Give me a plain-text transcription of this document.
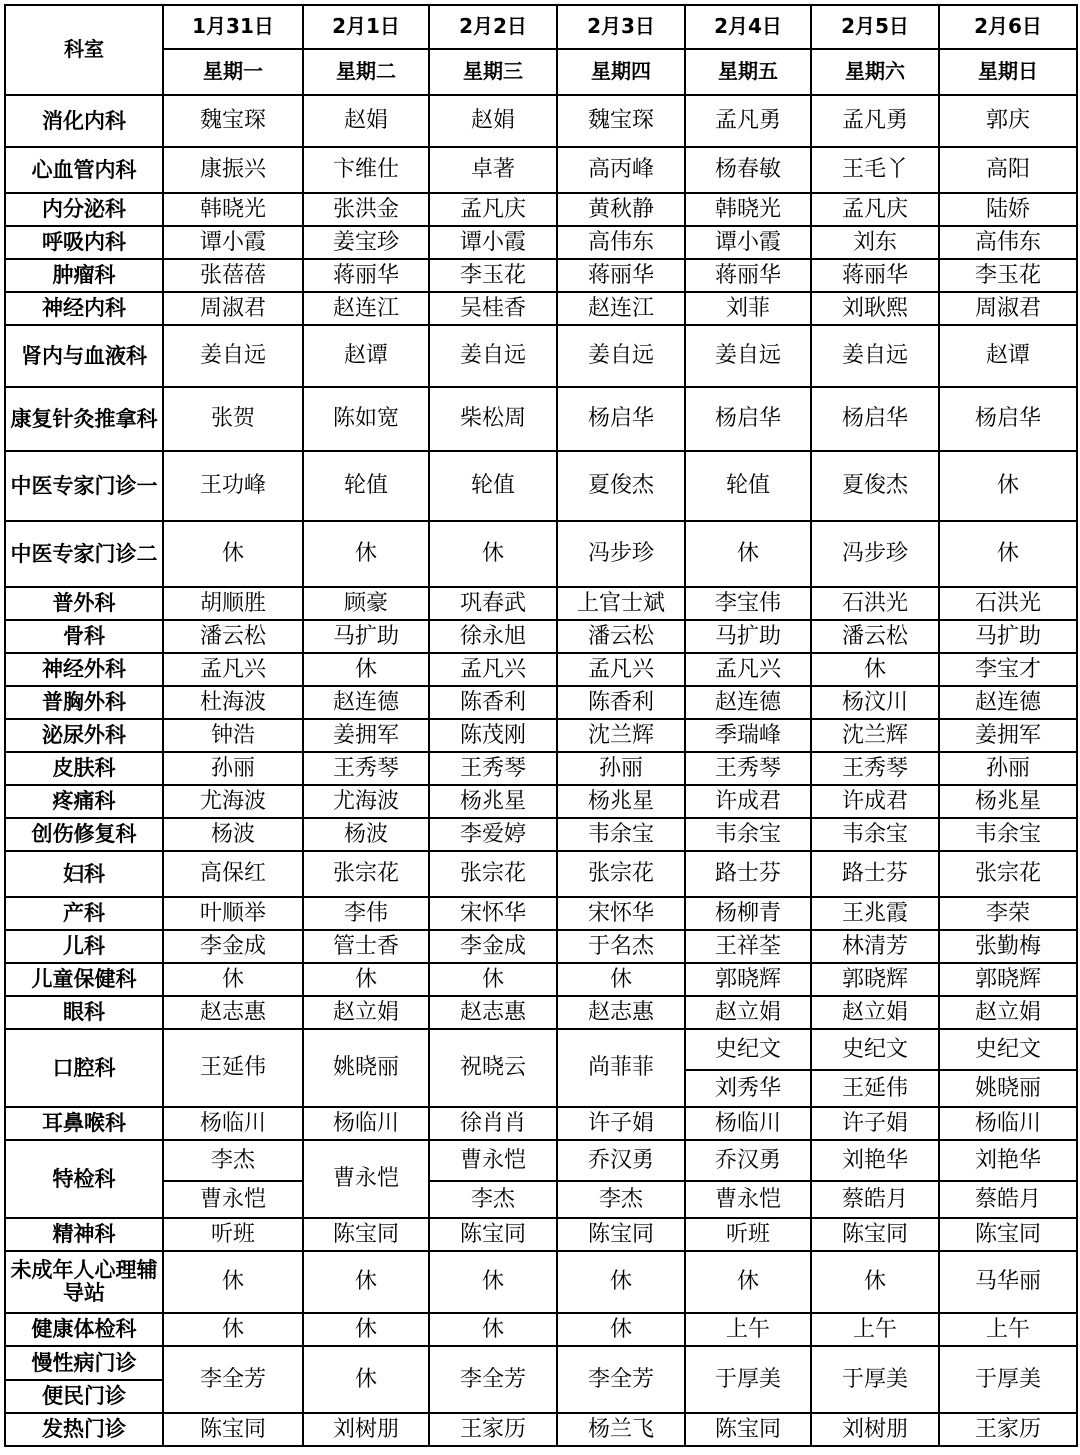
科室	1月31日	2月1日	2月2日	2月3日	2月4日	2月5日	2月6日
	星期一	星期二	星期三	星期四	星期五	星期六	星期日
消化内科	魏宝琛	赵娟	赵娟	魏宝琛	孟凡勇	孟凡勇	郭庆
心血管内科	康振兴	卞维仕	卓著	高丙峰	杨春敏	王毛丫	高阳
内分泌科	韩晓光	张洪金	孟凡庆	黄秋静	韩晓光	孟凡庆	陆娇
呼吸内科	谭小霞	姜宝珍	谭小霞	高伟东	谭小霞	刘东	高伟东
肿瘤科	张蓓蓓	蒋丽华	李玉花	蒋丽华	蒋丽华	蒋丽华	李玉花
神经内科	周淑君	赵连江	吴桂香	赵连江	刘菲	刘耿熙	周淑君
肾内与血液科	姜自远	赵谭	姜自远	姜自远	姜自远	姜自远	赵谭
康复针灸推拿科	张贺	陈如宽	柴松周	杨启华	杨启华	杨启华	杨启华
中医专家门诊一	王功峰	轮值	轮值	夏俊杰	轮值	夏俊杰	休
中医专家门诊二	休	休	休	冯步珍	休	冯步珍	休
普外科	胡顺胜	顾豪	巩春武	上官士斌	李宝伟	石洪光	石洪光
骨科	潘云松	马扩助	徐永旭	潘云松	马扩助	潘云松	马扩助
神经外科	孟凡兴	休	孟凡兴	孟凡兴	孟凡兴	休	李宝才
普胸外科	杜海波	赵连德	陈香利	陈香利	赵连德	杨汶川	赵连德
泌尿外科	钟浩	姜拥军	陈茂刚	沈兰辉	季瑞峰	沈兰辉	姜拥军
皮肤科	孙丽	王秀琴	王秀琴	孙丽	王秀琴	王秀琴	孙丽
疼痛科	尤海波	尤海波	杨兆星	杨兆星	许成君	许成君	杨兆星
创伤修复科	杨波	杨波	李爱婷	韦余宝	韦余宝	韦余宝	韦余宝
妇科	高保红	张宗花	张宗花	张宗花	路士芬	路士芬	张宗花
产科	叶顺举	李伟	宋怀华	宋怀华	杨柳青	王兆霞	李荣
儿科	李金成	管士香	李金成	于名杰	王祥荃	林清芳	张勤梅
儿童保健科	休	休	休	休	郭晓辉	郭晓辉	郭晓辉
眼科	赵志惠	赵立娟	赵志惠	赵志惠	赵立娟	赵立娟	赵立娟
口腔科	王延伟	姚晓丽	祝晓云	尚菲菲	史纪文	史纪文	史纪文
					刘秀华	王延伟	姚晓丽
耳鼻喉科	杨临川	杨临川	徐肖肖	许子娟	杨临川	许子娟	杨临川
特检科	李杰	曹永恺	曹永恺	乔汉勇	乔汉勇	刘艳华	刘艳华
	曹永恺		李杰	李杰	曹永恺	蔡皓月	蔡皓月
精神科	听班	陈宝同	陈宝同	陈宝同	听班	陈宝同	陈宝同
未成年人心理辅导站	休	休	休	休	休	休	马华丽
健康体检科	休	休	休	休	上午	上午	上午
慢性病门诊	李全芳	休	李全芳	李全芳	于厚美	于厚美	于厚美
便民门诊							
发热门诊	陈宝同	刘树朋	王家历	杨兰飞	陈宝同	刘树朋	王家历
